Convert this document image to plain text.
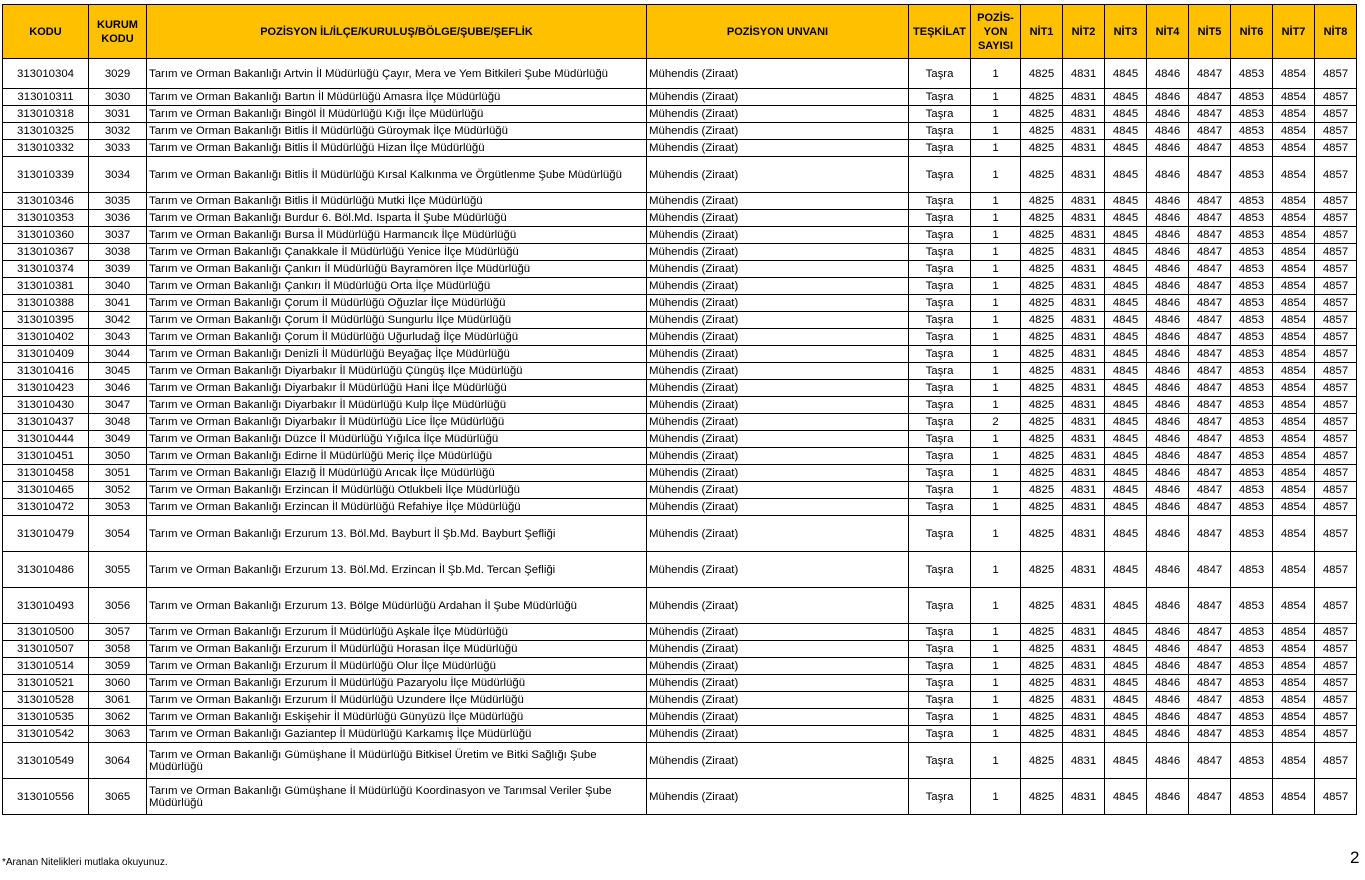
KODU	KURUM KODU	POZİSYON İL/İLÇE/KURULUŞ/BÖLGE/ŞUBE/ŞEFLİK	POZİSYON UNVANI	TEŞKİLAT	POZİS-YON SAYISI	NİT1	NİT2	NİT3	NİT4	NİT5	NİT6	NİT7	NİT8
313010304	3029	Tarım ve Orman Bakanlığı Artvin İl Müdürlüğü Çayır, Mera ve Yem Bitkileri Şube Müdürlüğü	Mühendis (Ziraat)	Taşra	1	4825	4831	4845	4846	4847	4853	4854	4857
313010311	3030	Tarım ve Orman Bakanlığı Bartın İl Müdürlüğü Amasra İlçe Müdürlüğü	Mühendis (Ziraat)	Taşra	1	4825	4831	4845	4846	4847	4853	4854	4857
313010318	3031	Tarım ve Orman Bakanlığı Bingöl İl Müdürlüğü Kığı İlçe Müdürlüğü	Mühendis (Ziraat)	Taşra	1	4825	4831	4845	4846	4847	4853	4854	4857
313010325	3032	Tarım ve Orman Bakanlığı Bitlis İl Müdürlüğü Güroymak İlçe Müdürlüğü	Mühendis (Ziraat)	Taşra	1	4825	4831	4845	4846	4847	4853	4854	4857
313010332	3033	Tarım ve Orman Bakanlığı Bitlis İl Müdürlüğü Hizan İlçe Müdürlüğü	Mühendis (Ziraat)	Taşra	1	4825	4831	4845	4846	4847	4853	4854	4857
313010339	3034	Tarım ve Orman Bakanlığı Bitlis İl Müdürlüğü Kırsal Kalkınma ve Örgütlenme Şube Müdürlüğü	Mühendis (Ziraat)	Taşra	1	4825	4831	4845	4846	4847	4853	4854	4857
313010346	3035	Tarım ve Orman Bakanlığı Bitlis İl Müdürlüğü Mutki İlçe Müdürlüğü	Mühendis (Ziraat)	Taşra	1	4825	4831	4845	4846	4847	4853	4854	4857
313010353	3036	Tarım ve Orman Bakanlığı Burdur 6. Böl.Md. Isparta İl Şube Müdürlüğü	Mühendis (Ziraat)	Taşra	1	4825	4831	4845	4846	4847	4853	4854	4857
313010360	3037	Tarım ve Orman Bakanlığı Bursa İl Müdürlüğü Harmancık İlçe Müdürlüğü	Mühendis (Ziraat)	Taşra	1	4825	4831	4845	4846	4847	4853	4854	4857
313010367	3038	Tarım ve Orman Bakanlığı Çanakkale İl Müdürlüğü Yenice İlçe Müdürlüğü	Mühendis (Ziraat)	Taşra	1	4825	4831	4845	4846	4847	4853	4854	4857
313010374	3039	Tarım ve Orman Bakanlığı Çankırı İl Müdürlüğü Bayramören İlçe Müdürlüğü	Mühendis (Ziraat)	Taşra	1	4825	4831	4845	4846	4847	4853	4854	4857
313010381	3040	Tarım ve Orman Bakanlığı Çankırı İl Müdürlüğü Orta İlçe Müdürlüğü	Mühendis (Ziraat)	Taşra	1	4825	4831	4845	4846	4847	4853	4854	4857
313010388	3041	Tarım ve Orman Bakanlığı Çorum İl Müdürlüğü Oğuzlar İlçe Müdürlüğü	Mühendis (Ziraat)	Taşra	1	4825	4831	4845	4846	4847	4853	4854	4857
313010395	3042	Tarım ve Orman Bakanlığı Çorum İl Müdürlüğü Sungurlu İlçe Müdürlüğü	Mühendis (Ziraat)	Taşra	1	4825	4831	4845	4846	4847	4853	4854	4857
313010402	3043	Tarım ve Orman Bakanlığı Çorum İl Müdürlüğü Uğurludağ İlçe Müdürlüğü	Mühendis (Ziraat)	Taşra	1	4825	4831	4845	4846	4847	4853	4854	4857
313010409	3044	Tarım ve Orman Bakanlığı Denizli İl Müdürlüğü Beyağaç İlçe Müdürlüğü	Mühendis (Ziraat)	Taşra	1	4825	4831	4845	4846	4847	4853	4854	4857
313010416	3045	Tarım ve Orman Bakanlığı Diyarbakır İl Müdürlüğü Çüngüş İlçe Müdürlüğü	Mühendis (Ziraat)	Taşra	1	4825	4831	4845	4846	4847	4853	4854	4857
313010423	3046	Tarım ve Orman Bakanlığı Diyarbakır İl Müdürlüğü Hani İlçe Müdürlüğü	Mühendis (Ziraat)	Taşra	1	4825	4831	4845	4846	4847	4853	4854	4857
313010430	3047	Tarım ve Orman Bakanlığı Diyarbakır İl Müdürlüğü Kulp İlçe Müdürlüğü	Mühendis (Ziraat)	Taşra	1	4825	4831	4845	4846	4847	4853	4854	4857
313010437	3048	Tarım ve Orman Bakanlığı Diyarbakır İl Müdürlüğü Lice İlçe Müdürlüğü	Mühendis (Ziraat)	Taşra	2	4825	4831	4845	4846	4847	4853	4854	4857
313010444	3049	Tarım ve Orman Bakanlığı Düzce İl Müdürlüğü Yığılca İlçe Müdürlüğü	Mühendis (Ziraat)	Taşra	1	4825	4831	4845	4846	4847	4853	4854	4857
313010451	3050	Tarım ve Orman Bakanlığı Edirne İl Müdürlüğü Meriç İlçe Müdürlüğü	Mühendis (Ziraat)	Taşra	1	4825	4831	4845	4846	4847	4853	4854	4857
313010458	3051	Tarım ve Orman Bakanlığı Elazığ İl Müdürlüğü Arıcak İlçe Müdürlüğü	Mühendis (Ziraat)	Taşra	1	4825	4831	4845	4846	4847	4853	4854	4857
313010465	3052	Tarım ve Orman Bakanlığı Erzincan İl Müdürlüğü Otlukbeli İlçe Müdürlüğü	Mühendis (Ziraat)	Taşra	1	4825	4831	4845	4846	4847	4853	4854	4857
313010472	3053	Tarım ve Orman Bakanlığı Erzincan İl Müdürlüğü Refahiye İlçe Müdürlüğü	Mühendis (Ziraat)	Taşra	1	4825	4831	4845	4846	4847	4853	4854	4857
313010479	3054	Tarım ve Orman Bakanlığı Erzurum 13. Böl.Md. Bayburt İl Şb.Md. Bayburt Şefliği	Mühendis (Ziraat)	Taşra	1	4825	4831	4845	4846	4847	4853	4854	4857
313010486	3055	Tarım ve Orman Bakanlığı Erzurum 13. Böl.Md. Erzincan İl Şb.Md. Tercan Şefliği	Mühendis (Ziraat)	Taşra	1	4825	4831	4845	4846	4847	4853	4854	4857
313010493	3056	Tarım ve Orman Bakanlığı Erzurum 13. Bölge Müdürlüğü Ardahan İl Şube Müdürlüğü	Mühendis (Ziraat)	Taşra	1	4825	4831	4845	4846	4847	4853	4854	4857
313010500	3057	Tarım ve Orman Bakanlığı Erzurum İl Müdürlüğü Aşkale İlçe Müdürlüğü	Mühendis (Ziraat)	Taşra	1	4825	4831	4845	4846	4847	4853	4854	4857
313010507	3058	Tarım ve Orman Bakanlığı Erzurum İl Müdürlüğü Horasan İlçe Müdürlüğü	Mühendis (Ziraat)	Taşra	1	4825	4831	4845	4846	4847	4853	4854	4857
313010514	3059	Tarım ve Orman Bakanlığı Erzurum İl Müdürlüğü Olur İlçe Müdürlüğü	Mühendis (Ziraat)	Taşra	1	4825	4831	4845	4846	4847	4853	4854	4857
313010521	3060	Tarım ve Orman Bakanlığı Erzurum İl Müdürlüğü Pazaryolu İlçe Müdürlüğü	Mühendis (Ziraat)	Taşra	1	4825	4831	4845	4846	4847	4853	4854	4857
313010528	3061	Tarım ve Orman Bakanlığı Erzurum İl Müdürlüğü Uzundere İlçe Müdürlüğü	Mühendis (Ziraat)	Taşra	1	4825	4831	4845	4846	4847	4853	4854	4857
313010535	3062	Tarım ve Orman Bakanlığı Eskişehir İl Müdürlüğü Günyüzü İlçe Müdürlüğü	Mühendis (Ziraat)	Taşra	1	4825	4831	4845	4846	4847	4853	4854	4857
313010542	3063	Tarım ve Orman Bakanlığı Gaziantep İl Müdürlüğü Karkamış İlçe Müdürlüğü	Mühendis (Ziraat)	Taşra	1	4825	4831	4845	4846	4847	4853	4854	4857
313010549	3064	Tarım ve Orman Bakanlığı Gümüşhane İl Müdürlüğü Bitkisel Üretim ve Bitki Sağlığı Şube Müdürlüğü	Mühendis (Ziraat)	Taşra	1	4825	4831	4845	4846	4847	4853	4854	4857
313010556	3065	Tarım ve Orman Bakanlığı Gümüşhane İl Müdürlüğü Koordinasyon ve Tarımsal Veriler Şube Müdürlüğü	Mühendis (Ziraat)	Taşra	1	4825	4831	4845	4846	4847	4853	4854	4857
*Aranan Nitelikleri mutlaka okuyunuz.	2
